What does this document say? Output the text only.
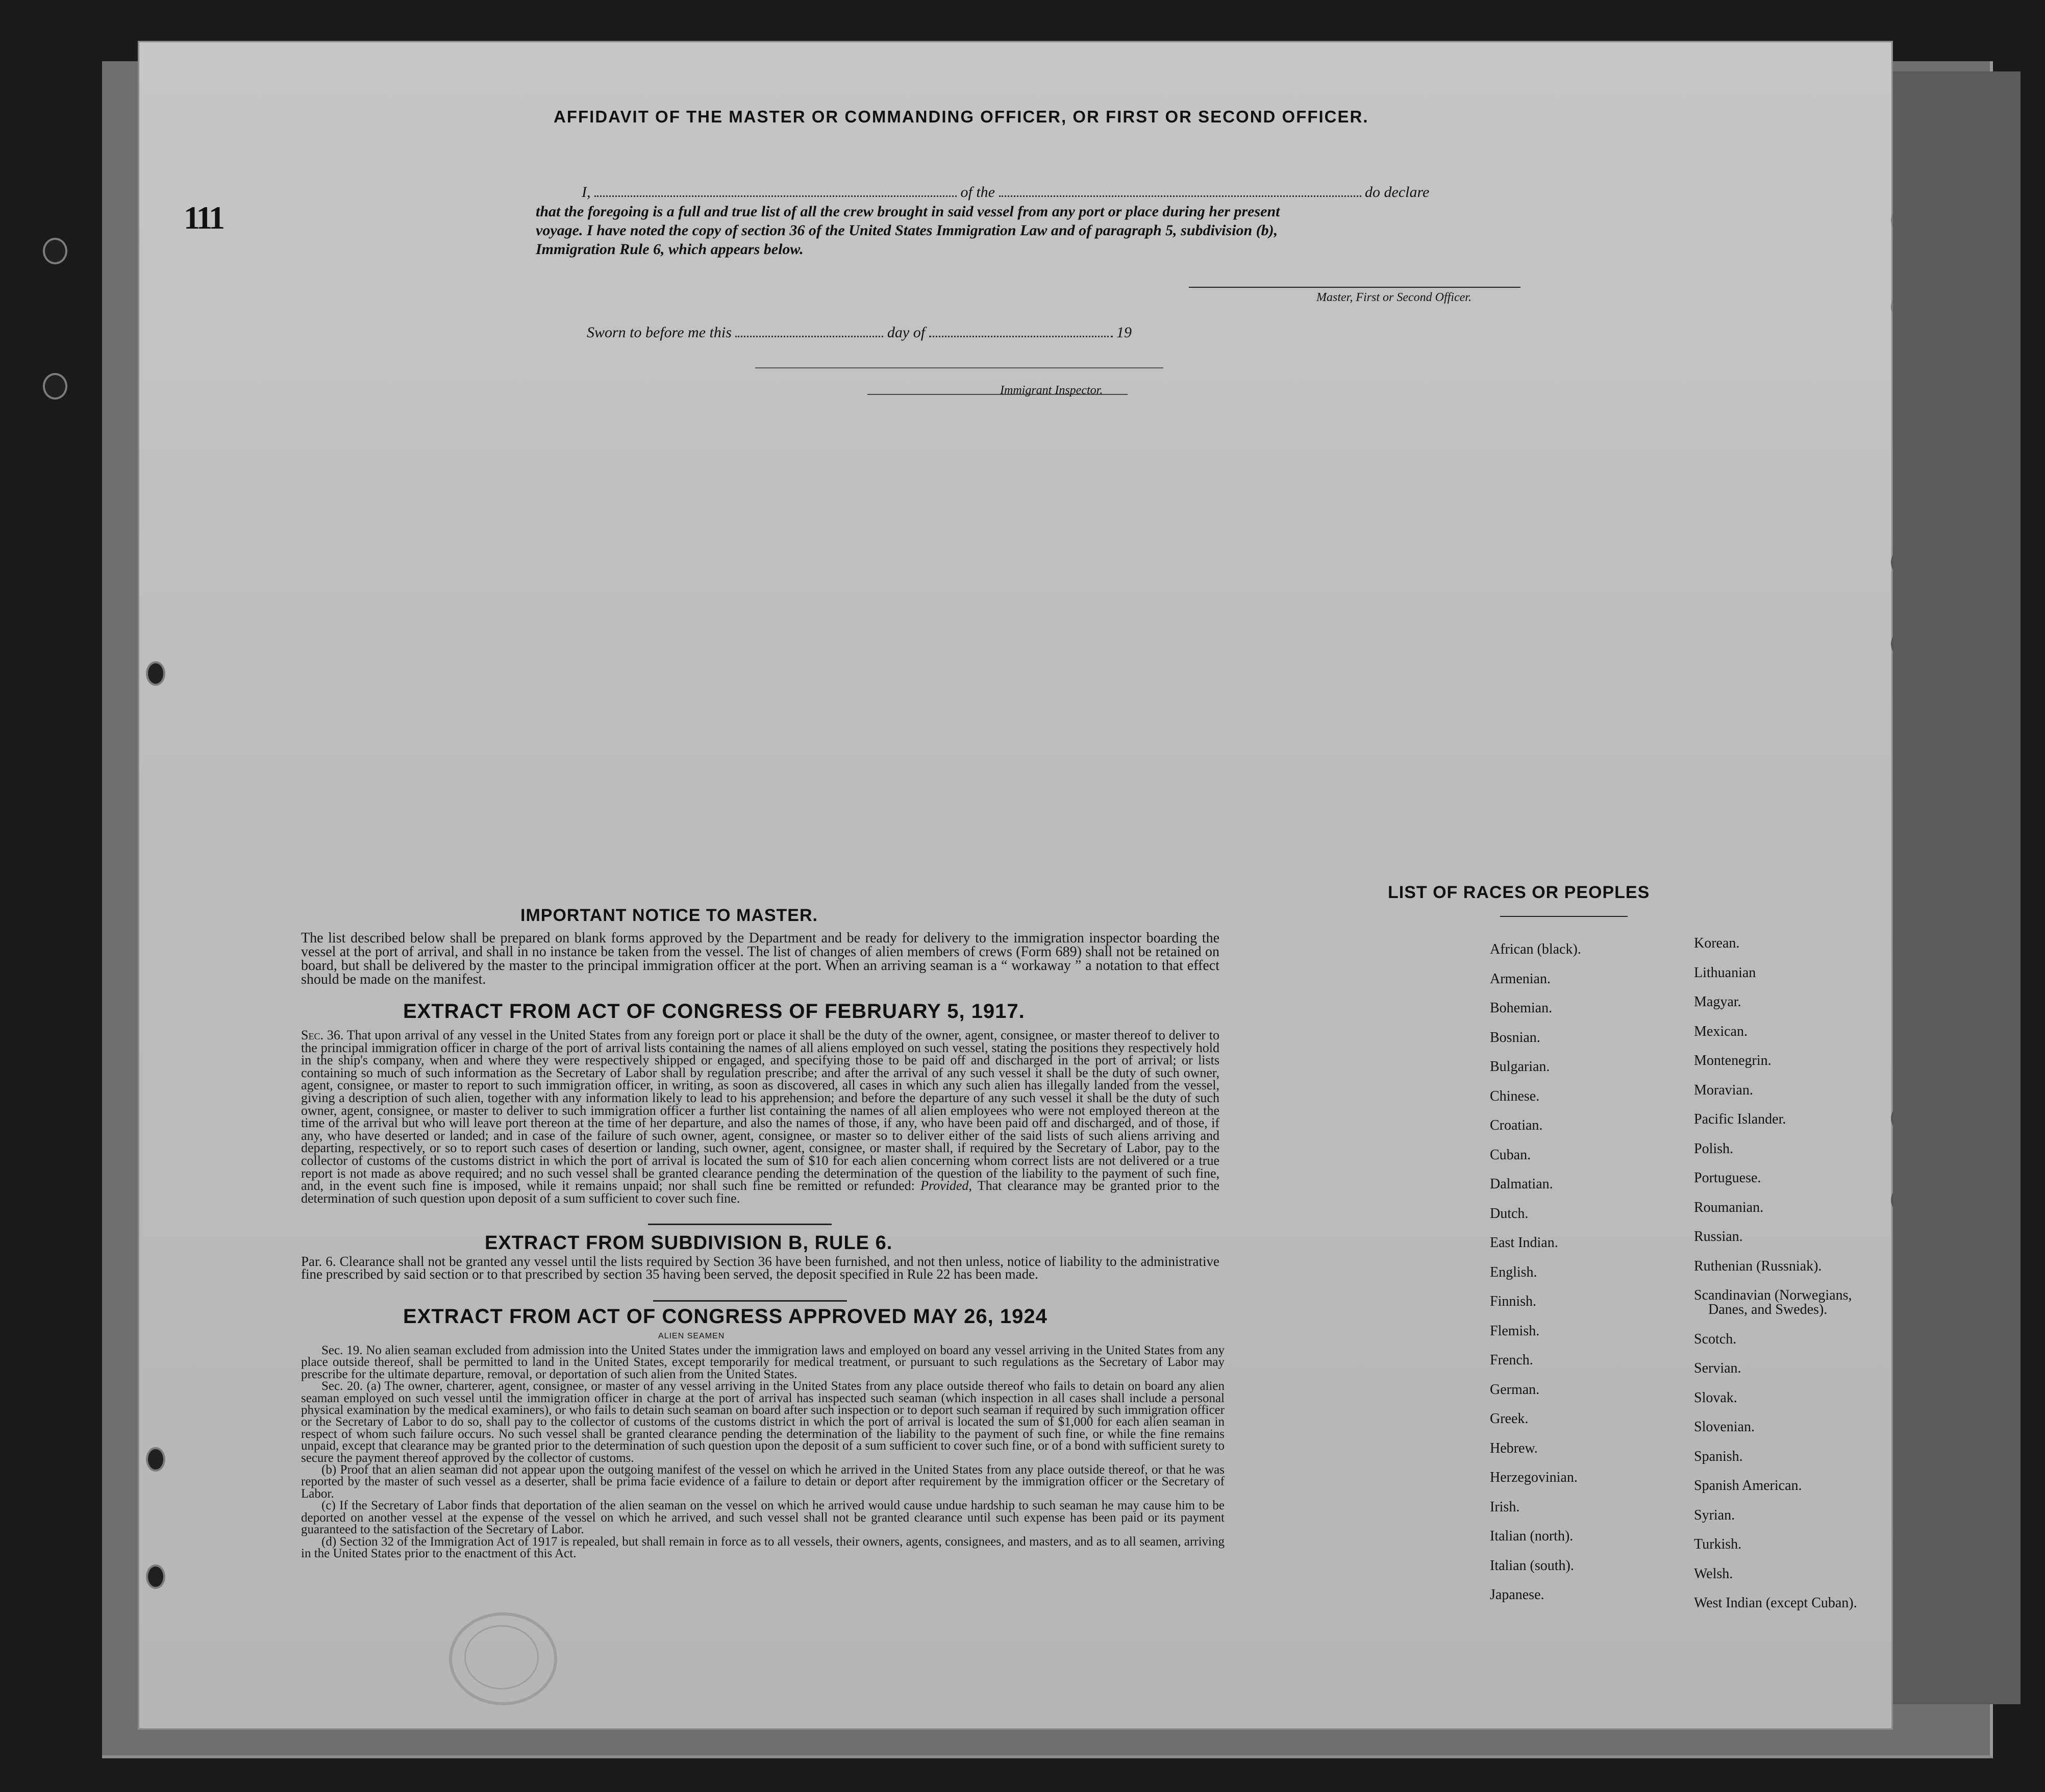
111
AFFIDAVIT OF THE MASTER OR COMMANDING OFFICER, OR FIRST OR SECOND OFFICER.
I,	of the	do declare
that the foregoing is a full and true list of all the crew brought in said vessel from any port or place during her present
voyage. I have noted the copy of section 36 of the United States Immigration Law and of paragraph 5, subdivision (b),
Immigration Rule 6, which appears below.
Master, First or Second Officer.
Sworn to before me this	day of	19
Immigrant Inspector.
IMPORTANT NOTICE TO MASTER.
The list described below shall be prepared on blank forms approved by the Department and be ready for delivery to the immigration inspector boarding the vessel at the port of arrival, and shall in no instance be taken from the vessel. The list of changes of alien members of crews (Form 689) shall not be retained on board, but shall be delivered by the master to the principal immigration officer at the port. When an arriving seaman is a “ workaway ” a notation to that effect should be made on the manifest.
EXTRACT FROM ACT OF CONGRESS OF FEBRUARY 5, 1917.
Sec. 36. That upon arrival of any vessel in the United States from any foreign port or place it shall be the duty of the owner, agent, consignee, or master thereof to deliver to the principal immigration officer in charge of the port of arrival lists containing the names of all aliens employed on such vessel, stating the positions they respectively hold in the ship's company, when and where they were respectively shipped or engaged, and specifying those to be paid off and discharged in the port of arrival; or lists containing so much of such information as the Secretary of Labor shall by regulation prescribe; and after the arrival of any such vessel it shall be the duty of such owner, agent, consignee, or master to report to such immigration officer, in writing, as soon as discovered, all cases in which any such alien has illegally landed from the vessel, giving a description of such alien, together with any information likely to lead to his apprehension; and before the departure of any such vessel it shall be the duty of such owner, agent, consignee, or master to deliver to such immigration officer a further list containing the names of all alien employees who were not employed thereon at the time of the arrival but who will leave port thereon at the time of her departure, and also the names of those, if any, who have been paid off and discharged, and of those, if any, who have deserted or landed; and in case of the failure of such owner, agent, consignee, or master so to deliver either of the said lists of such aliens arriving and departing, respectively, or so to report such cases of desertion or landing, such owner, agent, consignee, or master shall, if required by the Secretary of Labor, pay to the collector of customs of the customs district in which the port of arrival is located the sum of $10 for each alien concerning whom correct lists are not delivered or a true report is not made as above required; and no such vessel shall be granted clearance pending the determination of the question of the liability to the payment of such fine, and, in the event such fine is imposed, while it remains unpaid; nor shall such fine be remitted or refunded: Provided, That clearance may be granted prior to the determination of such question upon deposit of a sum sufficient to cover such fine.
EXTRACT FROM SUBDIVISION B, RULE 6.
Par. 6. Clearance shall not be granted any vessel until the lists required by Section 36 have been furnished, and not then unless, notice of liability to the administrative fine prescribed by said section or to that prescribed by section 35 having been served, the deposit specified in Rule 22 has been made.
EXTRACT FROM ACT OF CONGRESS APPROVED MAY 26, 1924
ALIEN SEAMEN
Sec. 19. No alien seaman excluded from admission into the United States under the immigration laws and employed on board any vessel arriving in the United States from any place outside thereof, shall be permitted to land in the United States, except temporarily for medical treatment, or pursuant to such regulations as the Secretary of Labor may prescribe for the ultimate departure, removal, or deportation of such alien from the United States.
Sec. 20. (a) The owner, charterer, agent, consignee, or master of any vessel arriving in the United States from any place outside thereof who fails to detain on board any alien seaman employed on such vessel until the immigration officer in charge at the port of arrival has inspected such seaman (which inspection in all cases shall include a personal physical examination by the medical examiners), or who fails to detain such seaman on board after such inspection or to deport such seaman if required by such immigration officer or the Secretary of Labor to do so, shall pay to the collector of customs of the customs district in which the port of arrival is located the sum of $1,000 for each alien seaman in respect of whom such failure occurs. No such vessel shall be granted clearance pending the determination of the liability to the payment of such fine, or while the fine remains unpaid, except that clearance may be granted prior to the determination of such question upon the deposit of a sum sufficient to cover such fine, or of a bond with sufficient surety to secure the payment thereof approved by the collector of customs.
(b) Proof that an alien seaman did not appear upon the outgoing manifest of the vessel on which he arrived in the United States from any place outside thereof, or that he was reported by the master of such vessel as a deserter, shall be prima facie evidence of a failure to detain or deport after requirement by the immigration officer or the Secretary of Labor.
(c) If the Secretary of Labor finds that deportation of the alien seaman on the vessel on which he arrived would cause undue hardship to such seaman he may cause him to be deported on another vessel at the expense of the vessel on which he arrived, and such vessel shall not be granted clearance until such expense has been paid or its payment guaranteed to the satisfaction of the Secretary of Labor.
(d) Section 32 of the Immigration Act of 1917 is repealed, but shall remain in force as to all vessels, their owners, agents, consignees, and masters, and as to all seamen, arriving in the United States prior to the enactment of this Act.
LIST OF RACES OR PEOPLES
African (black).
Armenian.
Bohemian.
Bosnian.
Bulgarian.
Chinese.
Croatian.
Cuban.
Dalmatian.
Dutch.
East Indian.
English.
Finnish.
Flemish.
French.
German.
Greek.
Hebrew.
Herzegovinian.
Irish.
Italian (north).
Italian (south).
Japanese.
Korean.
Lithuanian
Magyar.
Mexican.
Montenegrin.
Moravian.
Pacific Islander.
Polish.
Portuguese.
Roumanian.
Russian.
Ruthenian (Russniak).
Scandinavian (Norwegians,
Danes, and Swedes).
Scotch.
Servian.
Slovak.
Slovenian.
Spanish.
Spanish American.
Syrian.
Turkish.
Welsh.
West Indian (except Cuban).
